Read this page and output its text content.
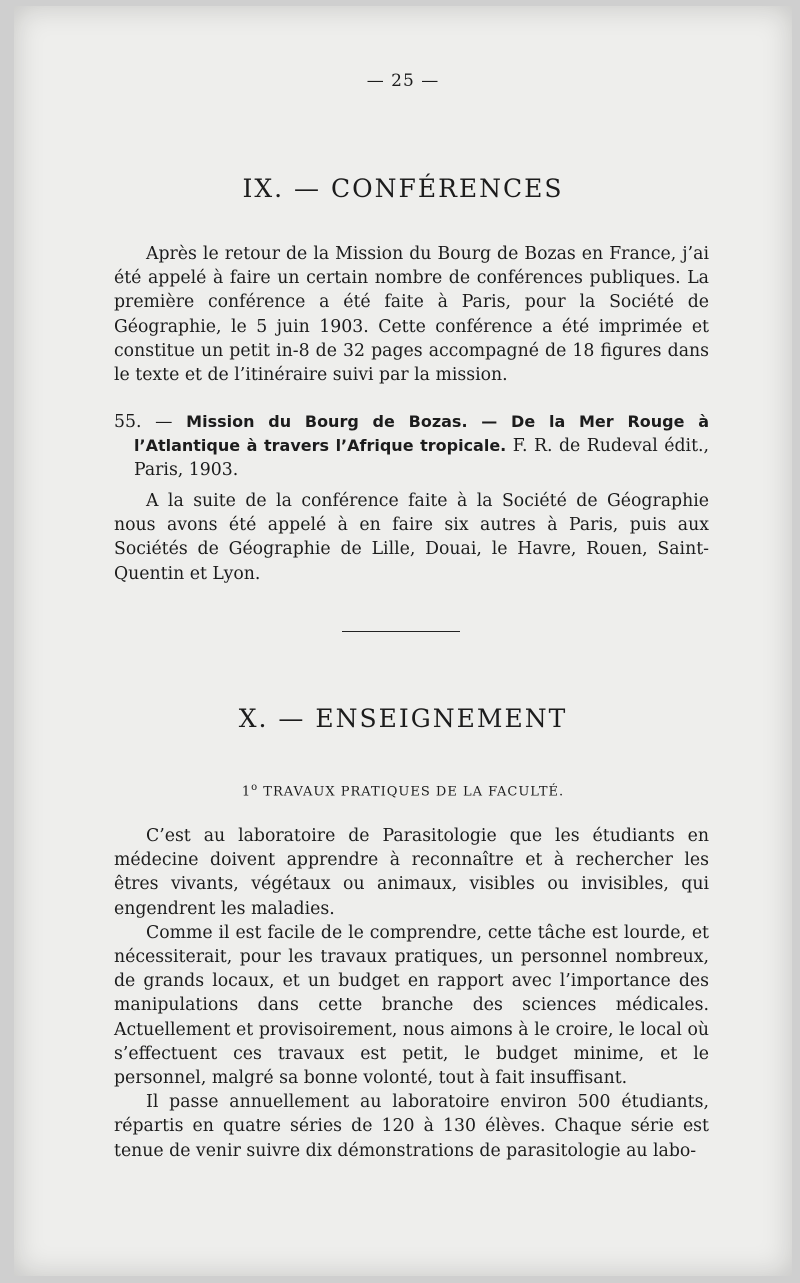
— 25 —
IX. — CONFÉRENCES

Après le retour de la Mission du Bourg de Bozas en France, j’ai été appelé à faire un certain nombre de conférences publiques. La première conférence a été faite à Paris, pour la Société de Géographie, le 5 juin 1903. Cette conférence a été imprimée et constitue un petit in-8 de 32 pages accompagné de 18 figures dans le texte et de l’itinéraire suivi par la mission.

55. — Mission du Bourg de Bozas. — De la Mer Rouge à l’Atlantique à travers l’Afrique tropicale. F. R. de Rudeval édit., Paris, 1903.

A la suite de la conférence faite à la Société de Géographie nous avons été appelé à en faire six autres à Paris, puis aux Sociétés de Géographie de Lille, Douai, le Havre, Rouen, Saint-Quentin et Lyon.

X. — ENSEIGNEMENT
1$^o$ TRAVAUX PRATIQUES DE LA FACULTÉ.

C’est au laboratoire de Parasitologie que les étudiants en médecine doivent apprendre à reconnaître et à rechercher les êtres vivants, végétaux ou animaux, visibles ou invisibles, qui engendrent les maladies.

Comme il est facile de le comprendre, cette tâche est lourde, et nécessiterait, pour les travaux pratiques, un personnel nombreux, de grands locaux, et un budget en rapport avec l’importance des manipulations dans cette branche des sciences médicales. Actuellement et provisoirement, nous aimons à le croire, le local où s’effectuent ces travaux est petit, le budget minime, et le personnel, malgré sa bonne volonté, tout à fait insuffisant.

Il passe annuellement au laboratoire environ 500 étudiants, répartis en quatre séries de 120 à 130 élèves. Chaque série est tenue de venir suivre dix démonstrations de parasitologie au labo-
